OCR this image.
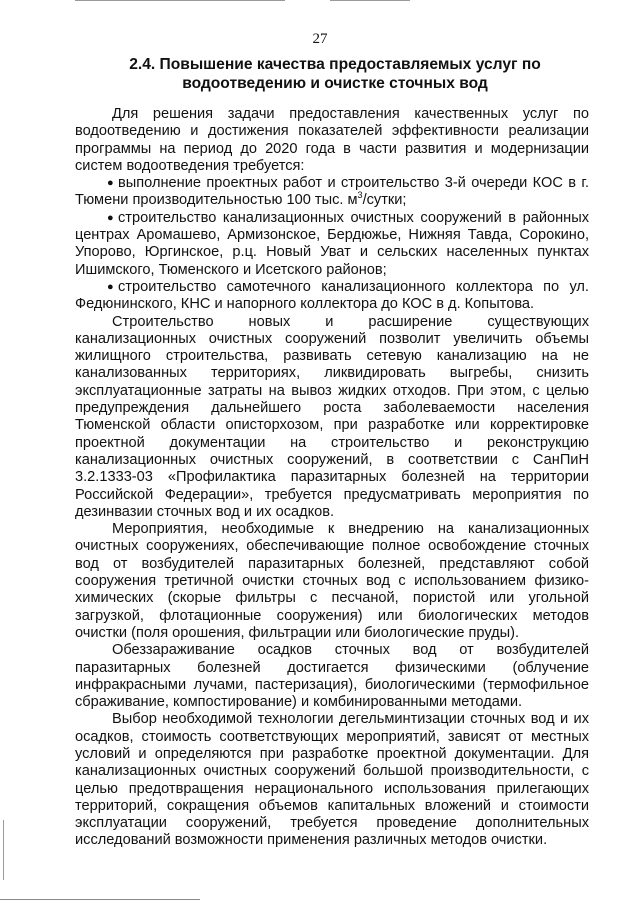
27
2.4. Повышение качества предоставляемых услуг по водоотведению и очистке сточных вод

Для решения задачи предоставления качественных услуг по водоотведению и достижения показателей эффективности реализации программы на период до 2020 года в части развития и модернизации систем водоотведения требуется:

● выполнение проектных работ и строительство 3-й очереди КОС в г. Тюмени производительностью 100 тыс. $м^3$/сутки;

● строительство канализационных очистных сооружений в районных центрах Аромашево, Армизонское, Бердюжье, Нижняя Тавда, Сорокино, Упорово, Юргинское, р.ц. Новый Уват и сельских населенных пунктах Ишимского, Тюменского и Исетского районов;

● строительство самотечного канализационного коллектора по ул. Федюнинского, КНС и напорного коллектора до КОС в д. Копытова.

Строительство новых и расширение существующих канализационных очистных сооружений позволит увеличить объемы жилищного строительства, развивать сетевую канализацию на не канализованных территориях, ликвидировать выгребы, снизить эксплуатационные затраты на вывоз жидких отходов. При этом, с целью предупреждения дальнейшего роста заболеваемости населения Тюменской области описторхозом, при разработке или корректировке проектной документации на строительство и реконструкцию канализационных очистных сооружений, в соответствии с СанПиН 3.2.1333-03 «Профилактика паразитарных болезней на территории Российской Федерации», требуется предусматривать мероприятия по дезинвазии сточных вод и их осадков.

Мероприятия, необходимые к внедрению на канализационных очистных сооружениях, обеспечивающие полное освобождение сточных вод от возбудителей паразитарных болезней, представляют собой сооружения третичной очистки сточных вод с использованием физико-химических (скорые фильтры с песчаной, пористой или угольной загрузкой, флотационные сооружения) или биологических методов очистки (поля орошения, фильтрации или биологические пруды).

Обеззараживание осадков сточных вод от возбудителей паразитарных болезней достигается физическими (облучение инфракрасными лучами, пастеризация), биологическими (термофильное сбраживание, компостирование) и комбинированными методами.

Выбор необходимой технологии дегельминтизации сточных вод и их осадков, стоимость соответствующих мероприятий, зависят от местных условий и определяются при разработке проектной документации. Для канализационных очистных сооружений большой производительности, с целью предотвращения нерационального использования прилегающих территорий, сокращения объемов капитальных вложений и стоимости эксплуатации сооружений, требуется проведение дополнительных исследований возможности применения различных методов очистки.
